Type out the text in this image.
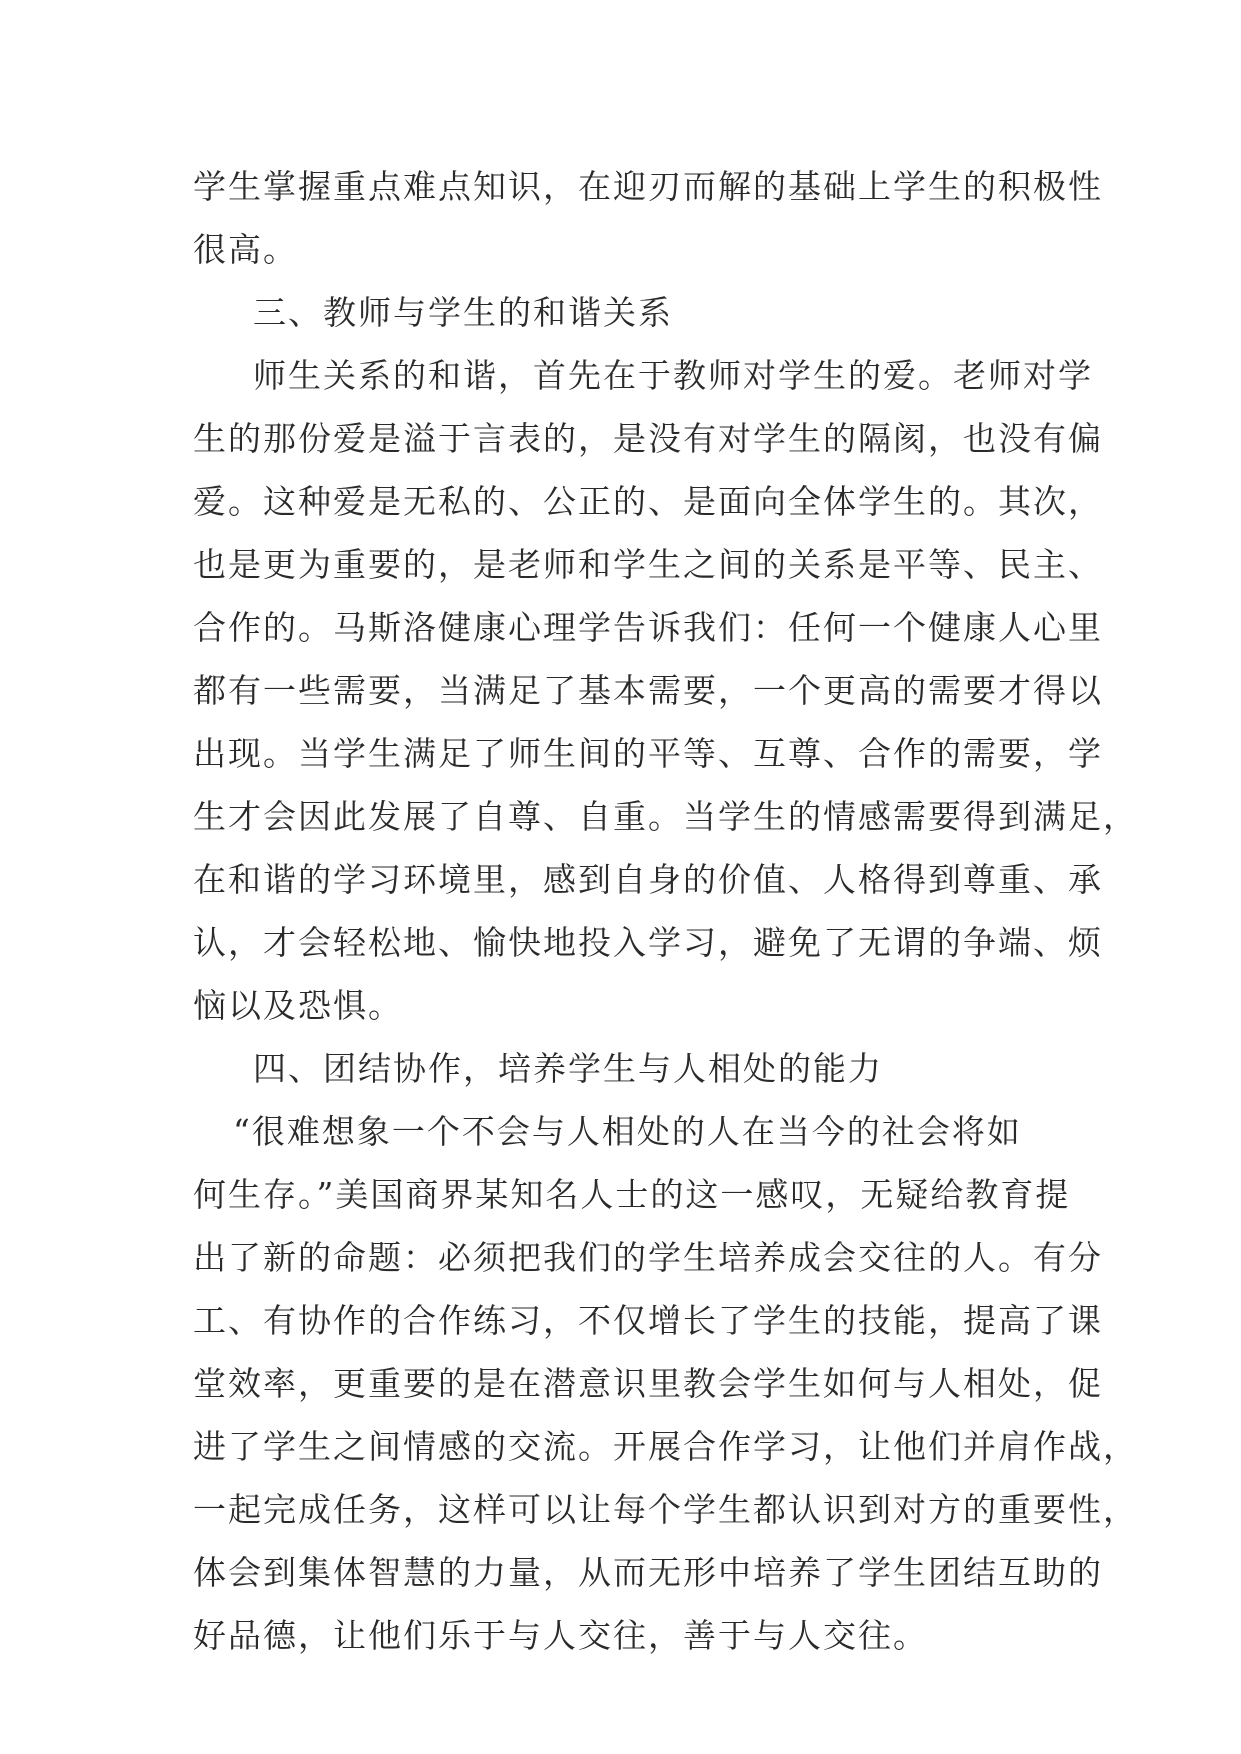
学生掌握重点难点知识，在迎刃而解的基础上学生的积极性
很高。
三、教师与学生的和谐关系
师生关系的和谐，首先在于教师对学生的爱。老师对学
生的那份爱是溢于言表的，是没有对学生的隔阂，也没有偏
爱。这种爱是无私的、公正的、是面向全体学生的。其次，
也是更为重要的，是老师和学生之间的关系是平等、民主、
合作的。马斯洛健康心理学告诉我们：任何一个健康人心里
都有一些需要，当满足了基本需要，一个更高的需要才得以
出现。当学生满足了师生间的平等、互尊、合作的需要，学
生才会因此发展了自尊、自重。当学生的情感需要得到满足，
在和谐的学习环境里，感到自身的价值、人格得到尊重、承
认，才会轻松地、愉快地投入学习，避免了无谓的争端、烦
恼以及恐惧。
四、团结协作，培养学生与人相处的能力
“很难想象一个不会与人相处的人在当今的社会将如
何生存。”美国商界某知名人士的这一感叹，无疑给教育提
出了新的命题：必须把我们的学生培养成会交往的人。有分
工、有协作的合作练习，不仅增长了学生的技能，提高了课
堂效率，更重要的是在潜意识里教会学生如何与人相处，促
进了学生之间情感的交流。开展合作学习，让他们并肩作战，
一起完成任务，这样可以让每个学生都认识到对方的重要性，
体会到集体智慧的力量，从而无形中培养了学生团结互助的
好品德，让他们乐于与人交往，善于与人交往。
